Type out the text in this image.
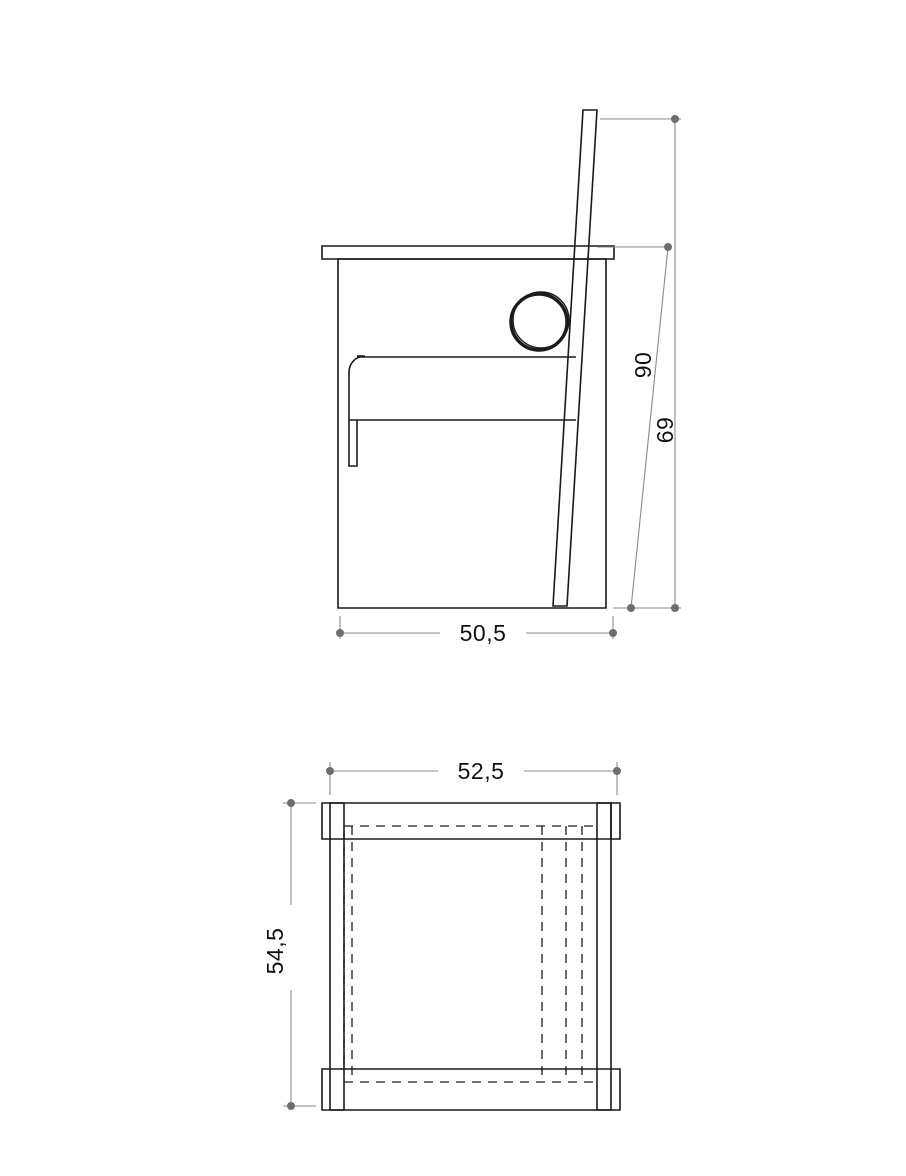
90
69
50,5
52,5
54,5
